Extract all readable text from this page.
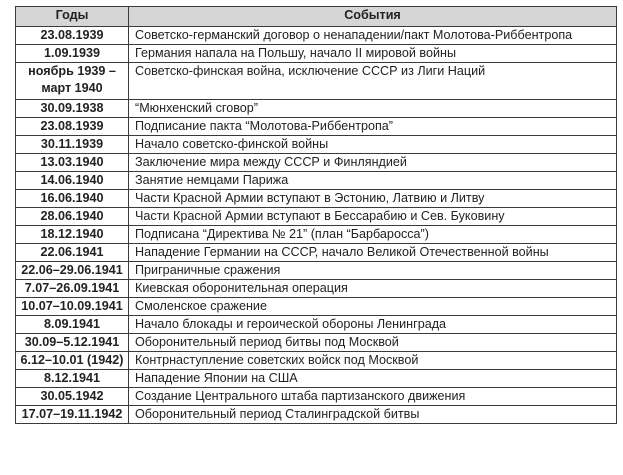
Годы	События
23.08.1939	Советско-германский договор о ненападении/пакт Молотова-Риббентропа
1.09.1939	Германия напала на Польшу, начало II мировой войны
ноябрь 1939 – март 1940	Советско-финская война, исключение СССР из Лиги Наций
30.09.1938	“Мюнхенский сговор”
23.08.1939	Подписание пакта “Молотова-Риббентропа”
30.11.1939	Начало советско-финской войны
13.03.1940	Заключение мира между СССР и Финляндией
14.06.1940	Занятие немцами Парижа
16.06.1940	Части Красной Армии вступают в Эстонию, Латвию и Литву
28.06.1940	Части Красной Армии вступают в Бессарабию и Сев. Буковину
18.12.1940	Подписана “Директива № 21” (план “Барбаросса”)
22.06.1941	Нападение Германии на СССР, начало Великой Отечественной войны
22.06–29.06.1941	Приграничные сражения
7.07–26.09.1941	Киевская оборонительная операция
10.07–10.09.1941	Смоленское сражение
8.09.1941	Начало блокады и героической обороны Ленинграда
30.09–5.12.1941	Оборонительный период битвы под Москвой
6.12–10.01 (1942)	Контрнаступление советских войск под Москвой
8.12.1941	Нападение Японии на США
30.05.1942	Создание Центрального штаба партизанского движения
17.07–19.11.1942	Оборонительный период Сталинградской битвы
